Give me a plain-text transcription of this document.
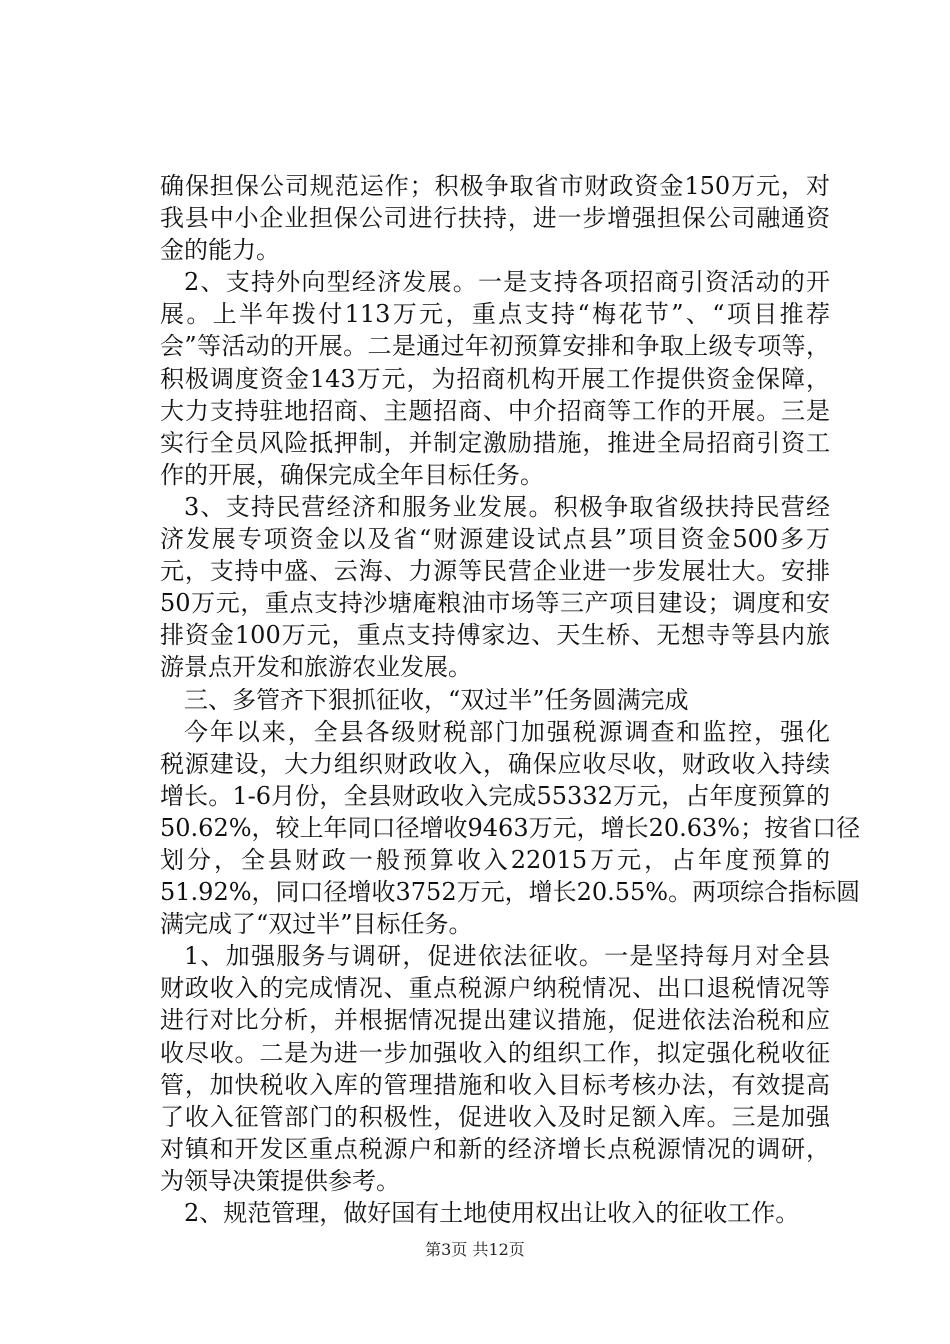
确保担保公司规范运作；积极争取省市财政资金150万元，对
我县中小企业担保公司进行扶持，进一步增强担保公司融通资
金的能力。
2、支持外向型经济发展。一是支持各项招商引资活动的开
展。上半年拨付113万元，重点支持“梅花节”、“项目推荐
会”等活动的开展。二是通过年初预算安排和争取上级专项等，
积极调度资金143万元，为招商机构开展工作提供资金保障，
大力支持驻地招商、主题招商、中介招商等工作的开展。三是
实行全员风险抵押制，并制定激励措施，推进全局招商引资工
作的开展，确保完成全年目标任务。
3、支持民营经济和服务业发展。积极争取省级扶持民营经
济发展专项资金以及省“财源建设试点县”项目资金500多万
元，支持中盛、云海、力源等民营企业进一步发展壮大。安排
50万元，重点支持沙塘庵粮油市场等三产项目建设；调度和安
排资金100万元，重点支持傅家边、天生桥、无想寺等县内旅
游景点开发和旅游农业发展。
三、多管齐下狠抓征收，“双过半”任务圆满完成
今年以来，全县各级财税部门加强税源调查和监控，强化
税源建设，大力组织财政收入，确保应收尽收，财政收入持续
增长。1-6月份，全县财政收入完成55332万元，占年度预算的
50.62%，较上年同口径增收9463万元，增长20.63%；按省口径
划分，全县财政一般预算收入22015万元，占年度预算的
51.92%，同口径增收3752万元，增长20.55%。两项综合指标圆
满完成了“双过半”目标任务。
1、加强服务与调研，促进依法征收。一是坚持每月对全县
财政收入的完成情况、重点税源户纳税情况、出口退税情况等
进行对比分析，并根据情况提出建议措施，促进依法治税和应
收尽收。二是为进一步加强收入的组织工作，拟定强化税收征
管，加快税收入库的管理措施和收入目标考核办法，有效提高
了收入征管部门的积极性，促进收入及时足额入库。三是加强
对镇和开发区重点税源户和新的经济增长点税源情况的调研，
为领导决策提供参考。
2、规范管理，做好国有土地使用权出让收入的征收工作。
第3页 共12页
